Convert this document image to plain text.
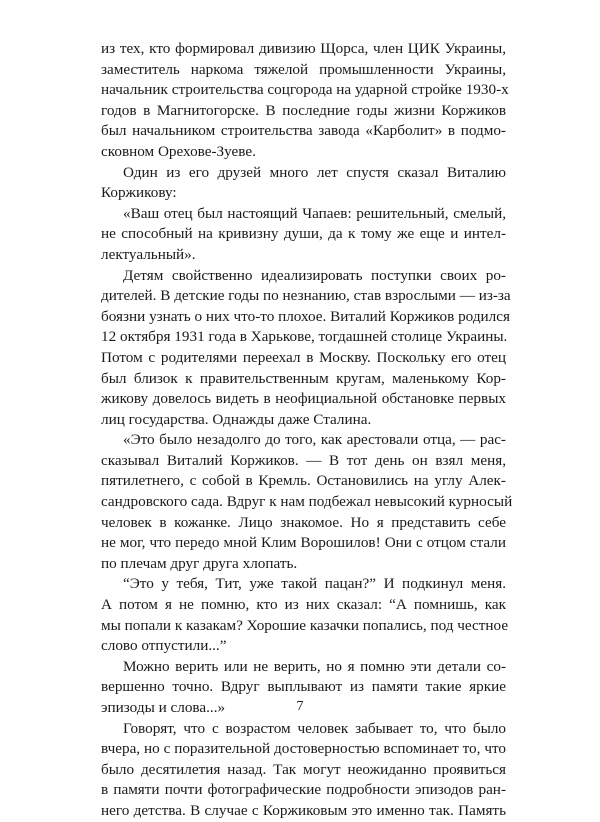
из тех, кто формировал дивизию Щорса, член ЦИК Украины,
заместитель наркома тяжелой промышленности Украины,
начальник строительства соцгорода на ударной стройке 1930-х
годов в Магнитогорске. В последние годы жизни Коржиков
был начальником строительства завода «Карболит» в подмо-
сковном Орехове-Зуеве.
Один из его друзей много лет спустя сказал Виталию
Коржикову:
«Ваш отец был настоящий Чапаев: решительный, смелый,
не способный на кривизну души, да к тому же еще и интел-
лектуальный».
Детям свойственно идеализировать поступки своих ро-
дителей. В детские годы по незнанию, став взрослыми — из-за
боязни узнать о них что-то плохое. Виталий Коржиков родился
12 октября 1931 года в Харькове, тогдашней столице Украины.
Потом с родителями переехал в Москву. Поскольку его отец
был близок к правительственным кругам, маленькому Кор-
жикову довелось видеть в неофициальной обстановке первых
лиц государства. Однажды даже Сталина.
«Это было незадолго до того, как арестовали отца, — рас-
сказывал Виталий Коржиков. — В тот день он взял меня,
пятилетнего, с собой в Кремль. Остановились на углу Алек-
сандровского сада. Вдруг к нам подбежал невысокий курносый
человек в кожанке. Лицо знакомое. Но я представить себе
не мог, что передо мной Клим Ворошилов! Они с отцом стали
по плечам друг друга хлопать.
“Это у тебя, Тит, уже такой пацан?” И подкинул меня.
А потом я не помню, кто из них сказал: “А помнишь, как
мы попали к казакам? Хорошие казачки попались, под честное
слово отпустили...”
Можно верить или не верить, но я помню эти детали со-
вершенно точно. Вдруг выплывают из памяти такие яркие
эпизоды и слова...»
Говорят, что с возрастом человек забывает то, что было
вчера, но с поразительной достоверностью вспоминает то, что
было десятилетия назад. Так могут неожиданно проявиться
в памяти почти фотографические подробности эпизодов ран-
него детства. В случае с Коржиковым это именно так. Память
7
